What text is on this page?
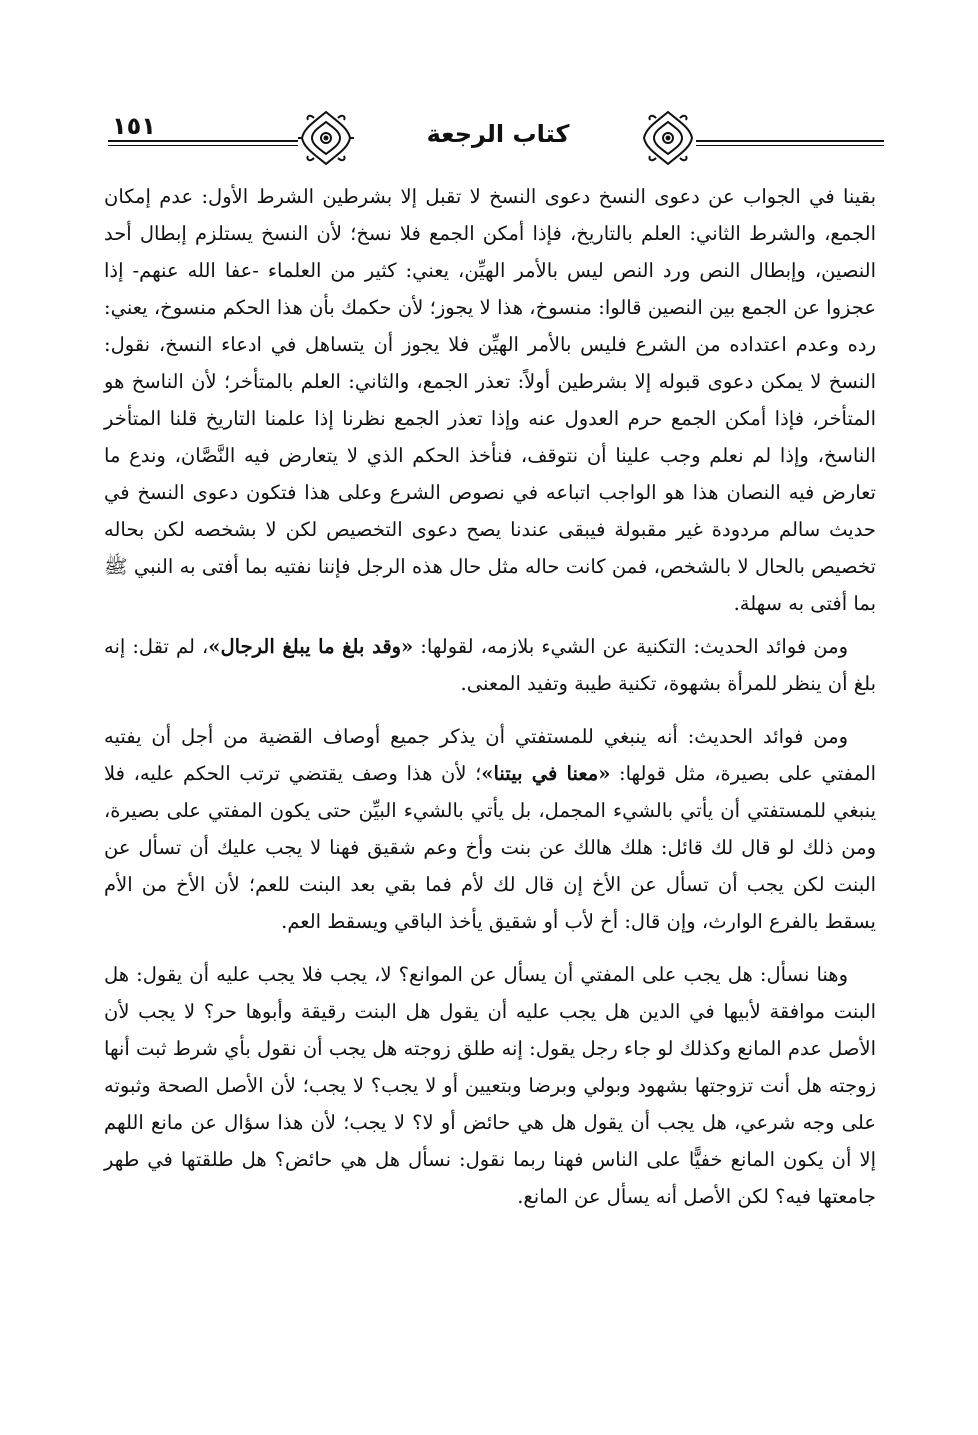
١٥١	كتاب الرجعة

بقينا في الجواب عن دعوى النسخ دعوى النسخ لا تقبل إلا بشرطين الشرط الأول: عدم إمكان الجمع، والشرط الثاني: العلم بالتاريخ، فإذا أمكن الجمع فلا نسخ؛ لأن النسخ يستلزم إبطال أحد النصين، وإبطال النص ورد النص ليس بالأمر الهيِّن، يعني: كثير من العلماء -عفا الله عنهم- إذا عجزوا عن الجمع بين النصين قالوا: منسوخ، هذا لا يجوز؛ لأن حكمك بأن هذا الحكم منسوخ، يعني: رده وعدم اعتداده من الشرع فليس بالأمر الهيِّن فلا يجوز أن يتساهل في ادعاء النسخ، نقول: النسخ لا يمكن دعوى قبوله إلا بشرطين أولاً: تعذر الجمع، والثاني: العلم بالمتأخر؛ لأن الناسخ هو المتأخر، فإذا أمكن الجمع حرم العدول عنه وإذا تعذر الجمع نظرنا إذا علمنا التاريخ قلنا المتأخر الناسخ، وإذا لم نعلم وجب علينا أن نتوقف، فنأخذ الحكم الذي لا يتعارض فيه النَّصَّان، وندع ما تعارض فيه النصان هذا هو الواجب اتباعه في نصوص الشرع وعلى هذا فتكون دعوى النسخ في حديث سالم مردودة غير مقبولة فيبقى عندنا يصح دعوى التخصيص لكن لا بشخصه لكن بحاله تخصيص بالحال لا بالشخص، فمن كانت حاله مثل حال هذه الرجل فإننا نفتيه بما أفتى به النبي ﷺ بما أفتى به سهلة.

ومن فوائد الحديث: التكنية عن الشيء بلازمه، لقولها: «وقد بلغ ما يبلغ الرجال»، لم تقل: إنه بلغ أن ينظر للمرأة بشهوة، تكنية طيبة وتفيد المعنى.

ومن فوائد الحديث: أنه ينبغي للمستفتي أن يذكر جميع أوصاف القضية من أجل أن يفتيه المفتي على بصيرة، مثل قولها: «معنا في بيتنا»؛ لأن هذا وصف يقتضي ترتب الحكم عليه، فلا ينبغي للمستفتي أن يأتي بالشيء المجمل، بل يأتي بالشيء البيِّن حتى يكون المفتي على بصيرة، ومن ذلك لو قال لك قائل: هلك هالك عن بنت وأخ وعم شقيق فهنا لا يجب عليك أن تسأل عن البنت لكن يجب أن تسأل عن الأخ إن قال لك لأم فما بقي بعد البنت للعم؛ لأن الأخ من الأم يسقط بالفرع الوارث، وإن قال: أخ لأب أو شقيق يأخذ الباقي ويسقط العم.

وهنا نسأل: هل يجب على المفتي أن يسأل عن الموانع؟ لا، يجب فلا يجب عليه أن يقول: هل البنت موافقة لأبيها في الدين هل يجب عليه أن يقول هل البنت رقيقة وأبوها حر؟ لا يجب لأن الأصل عدم المانع وكذلك لو جاء رجل يقول: إنه طلق زوجته هل يجب أن نقول بأي شرط ثبت أنها زوجته هل أنت تزوجتها بشهود وبولي وبرضا وبتعيين أو لا يجب؟ لا يجب؛ لأن الأصل الصحة وثبوته على وجه شرعي، هل يجب أن يقول هل هي حائض أو لا؟ لا يجب؛ لأن هذا سؤال عن مانع اللهم إلا أن يكون المانع خفيًّا على الناس فهنا ربما نقول: نسأل هل هي حائض؟ هل طلقتها في طهر جامعتها فيه؟ لكن الأصل أنه يسأل عن المانع.
